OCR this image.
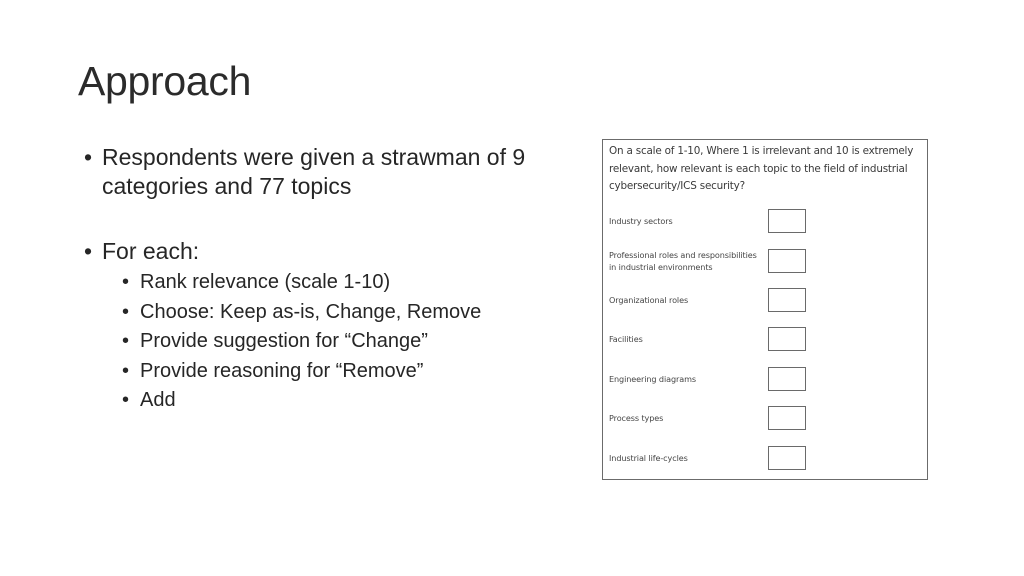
Approach
• Respondents were given a strawman of 9 categories and 77 topics
• For each:
• Rank relevance (scale 1-10)
• Choose: Keep as-is, Change, Remove
• Provide suggestion for “Change”
• Provide reasoning for “Remove”
• Add
On a scale of 1-10, Where 1 is irrelevant and 10 is extremely relevant, how relevant is each topic to the field of industrial cybersecurity/ICS security?
Industry sectors
Professional roles and responsibilities in industrial environments
Organizational roles
Facilities
Engineering diagrams
Process types
Industrial life-cycles
